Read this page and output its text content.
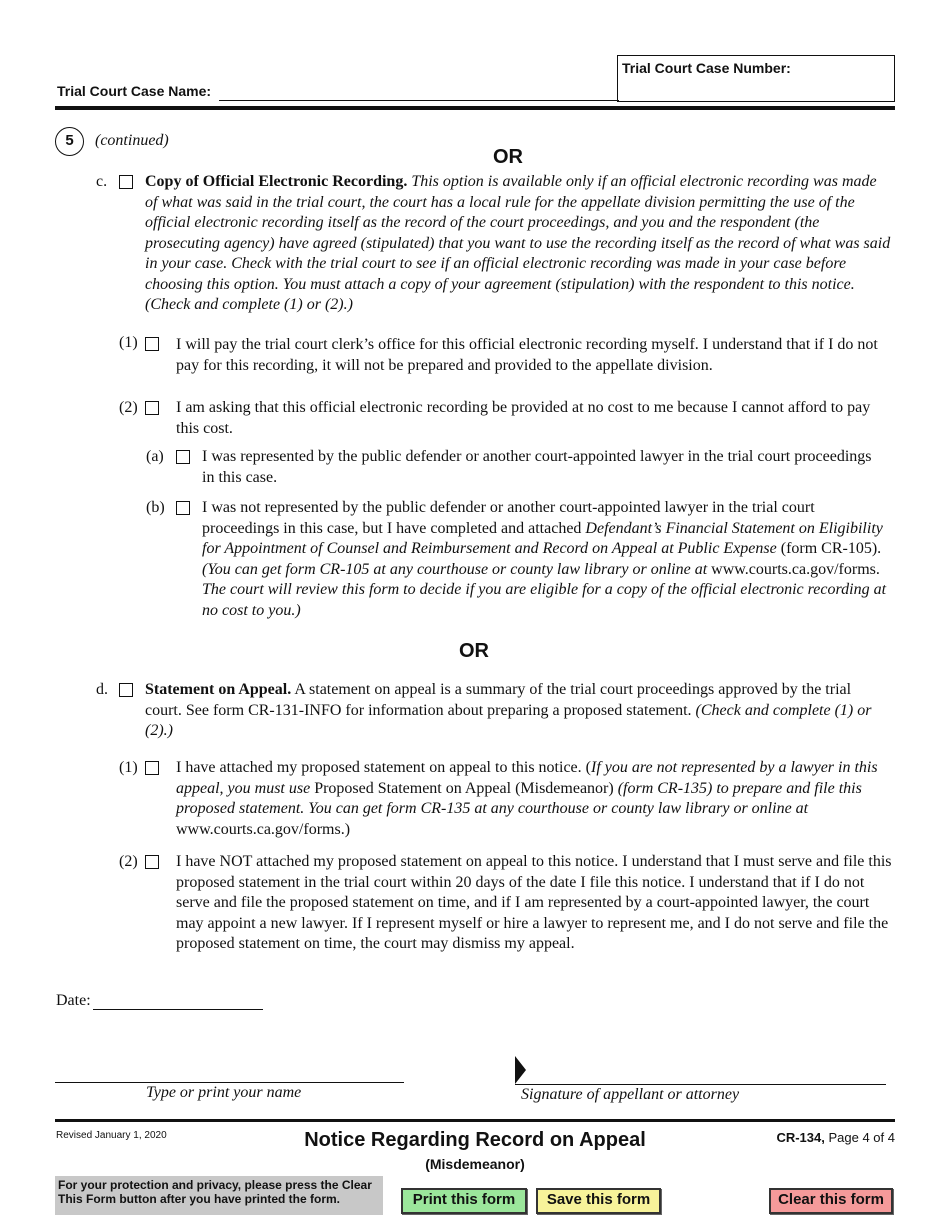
Trial Court Case Name:
Trial Court Case Number:
5	(continued)
OR
c. Copy of Official Electronic Recording. This option is available only if an official electronic recording was made of what was said in the trial court, the court has a local rule for the appellate division permitting the use of the official electronic recording itself as the record of the court proceedings, and you and the respondent (the prosecuting agency) have agreed (stipulated) that you want to use the recording itself as the record of what was said in your case. Check with the trial court to see if an official electronic recording was made in your case before choosing this option. You must attach a copy of your agreement (stipulation) with the respondent to this notice. (Check and complete (1) or (2).)
(1) I will pay the trial court clerk’s office for this official electronic recording myself. I understand that if I do not pay for this recording, it will not be prepared and provided to the appellate division.
(2) I am asking that this official electronic recording be provided at no cost to me because I cannot afford to pay this cost.
(a) I was represented by the public defender or another court-appointed lawyer in the trial court proceedings in this case.
(b) I was not represented by the public defender or another court-appointed lawyer in the trial court proceedings in this case, but I have completed and attached Defendant’s Financial Statement on Eligibility for Appointment of Counsel and Reimbursement and Record on Appeal at Public Expense (form CR-105). (You can get form CR-105 at any courthouse or county law library or online at www.courts.ca.gov/forms. The court will review this form to decide if you are eligible for a copy of the official electronic recording at no cost to you.)
OR
d. Statement on Appeal. A statement on appeal is a summary of the trial court proceedings approved by the trial court. See form CR-131-INFO for information about preparing a proposed statement. (Check and complete (1) or (2).)
(1) I have attached my proposed statement on appeal to this notice. (If you are not represented by a lawyer in this appeal, you must use Proposed Statement on Appeal (Misdemeanor) (form CR-135) to prepare and file this proposed statement. You can get form CR-135 at any courthouse or county law library or online at www.courts.ca.gov/forms.)
(2) I have NOT attached my proposed statement on appeal to this notice. I understand that I must serve and file this proposed statement in the trial court within 20 days of the date I file this notice. I understand that if I do not serve and file the proposed statement on time, and if I am represented by a court-appointed lawyer, the court may appoint a new lawyer. If I represent myself or hire a lawyer to represent me, and I do not serve and file the proposed statement on time, the court may dismiss my appeal.
Date:
Type or print your name	Signature of appellant or attorney
Revised January 1, 2020	Notice Regarding Record on Appeal
(Misdemeanor)
CR-134, Page 4 of 4
For your protection and privacy, please press the Clear This Form button after you have printed the form.	Print this form	Save this form	Clear this form
